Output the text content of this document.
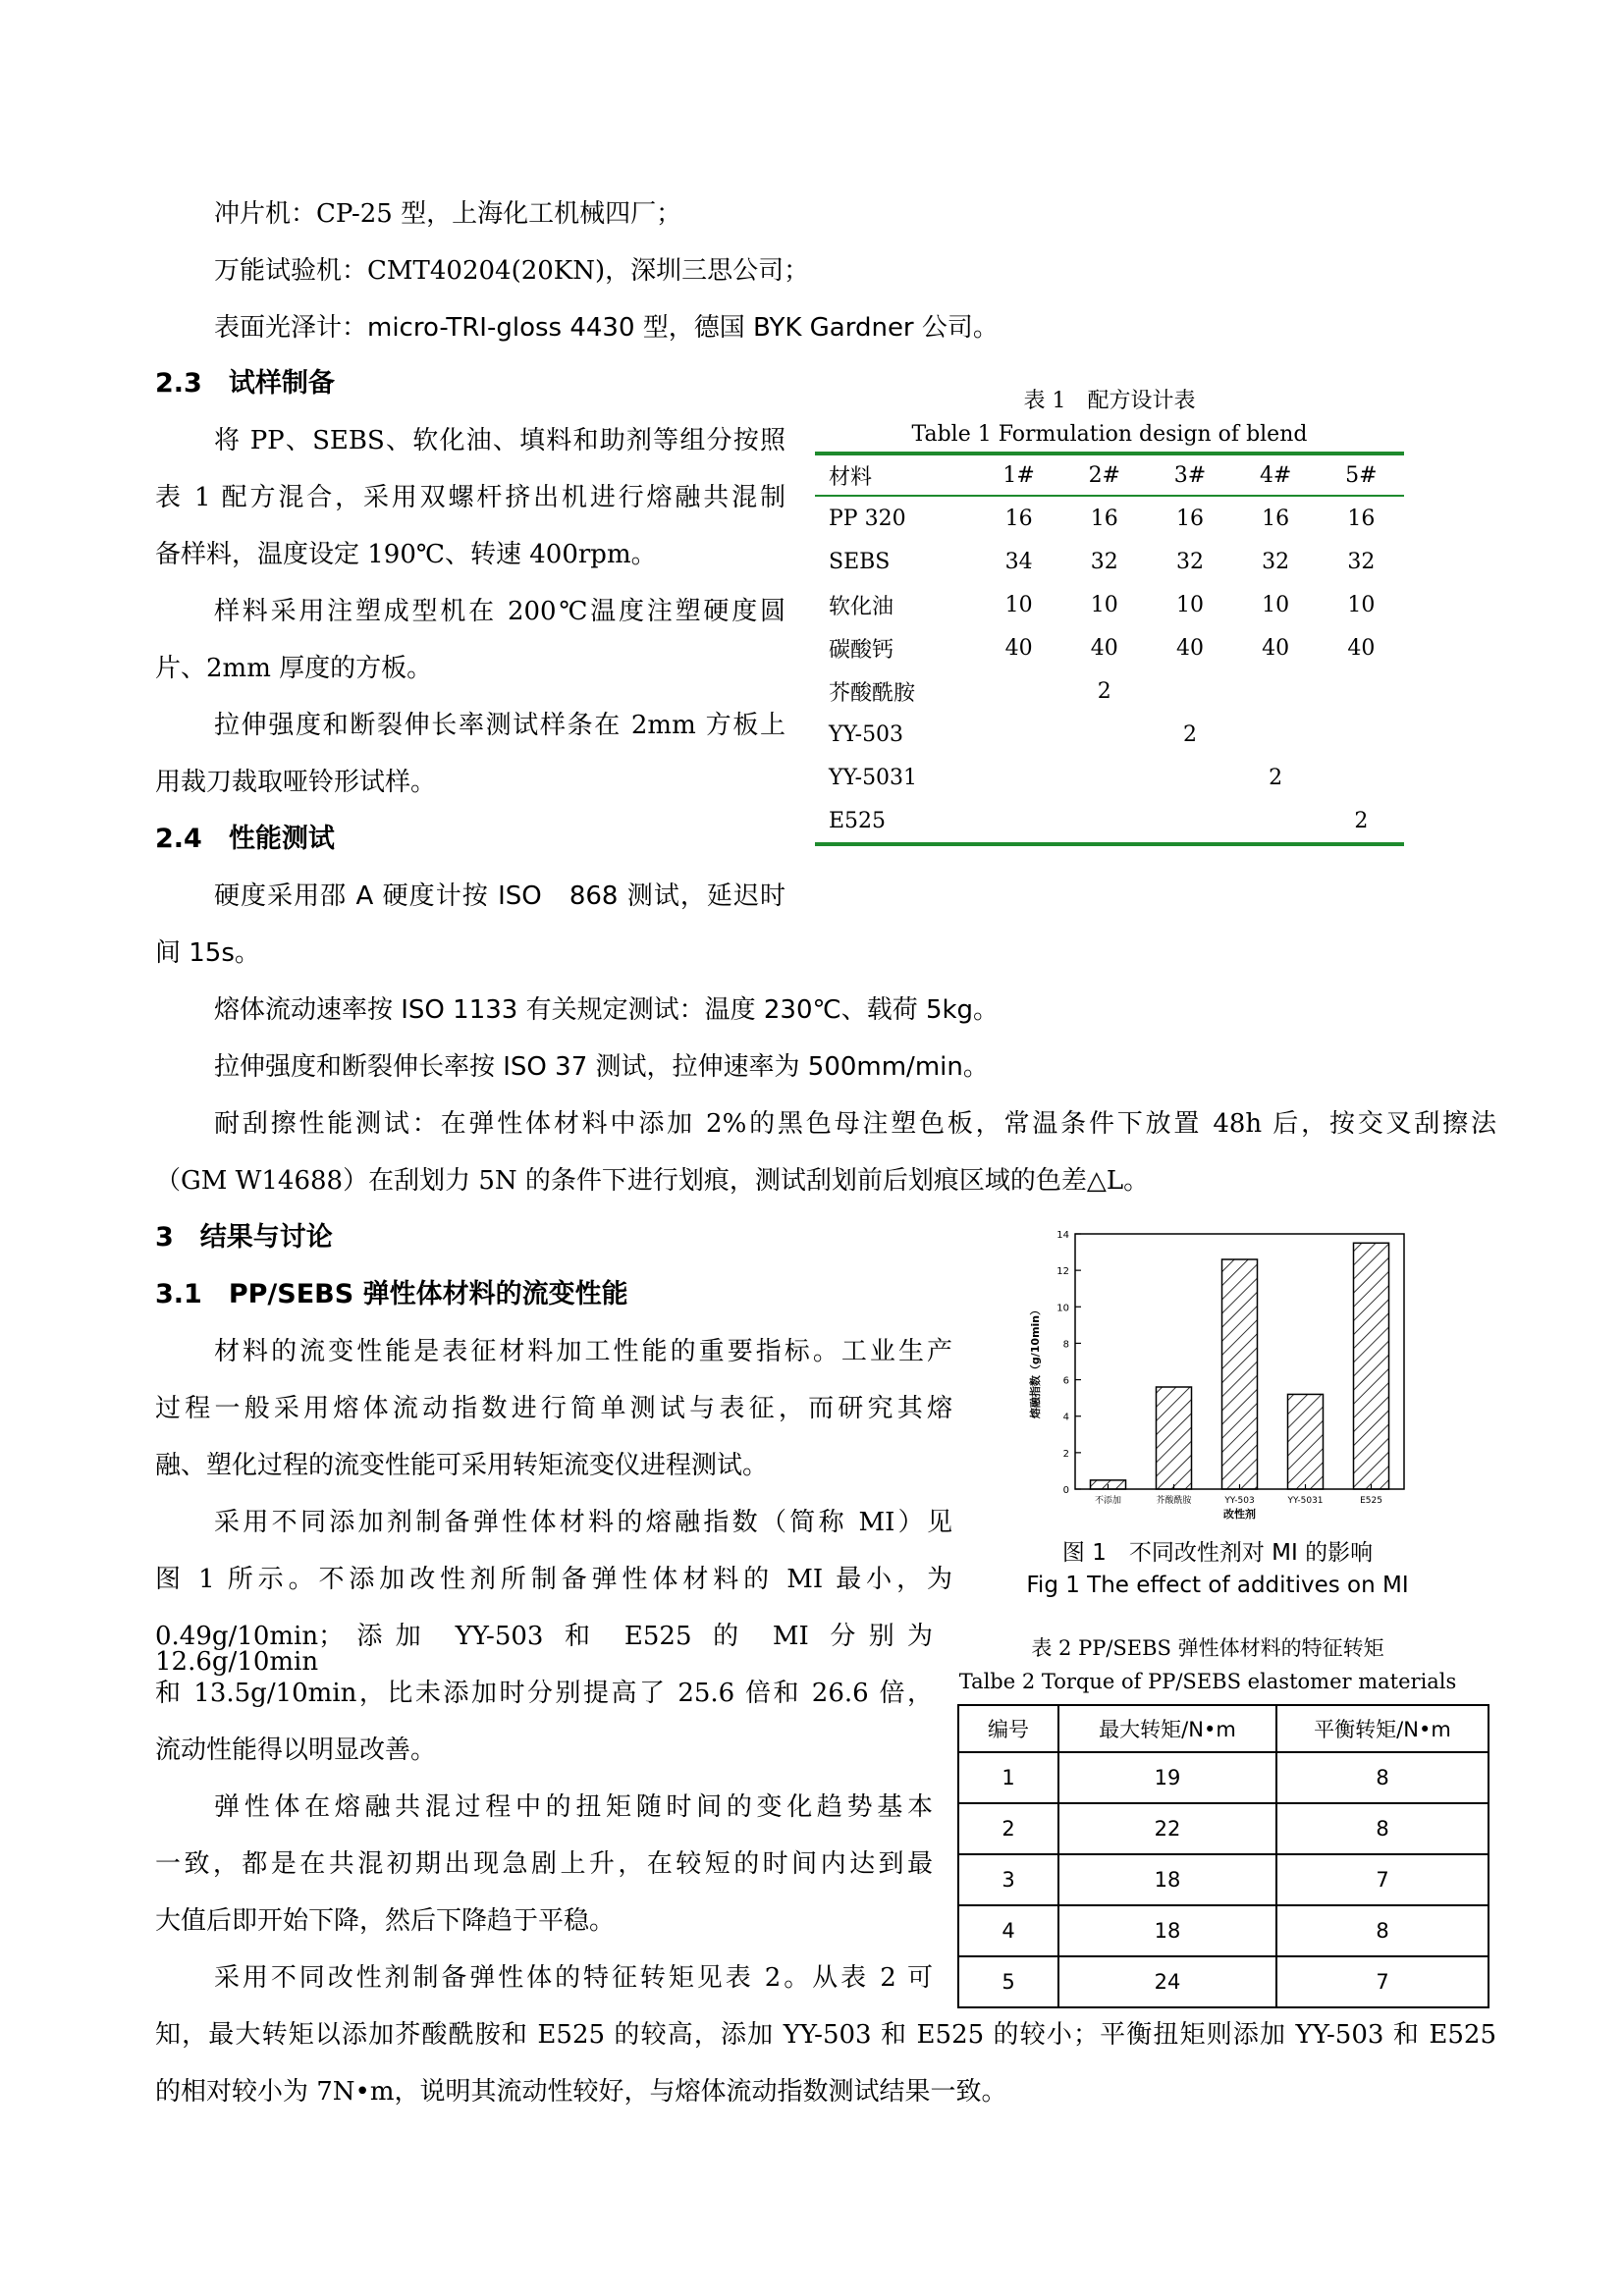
冲片机：CP-25 型，上海化工机械四厂；
万能试验机：CMT40204(20KN)，深圳三思公司；
表面光泽计：micro-TRI-gloss 4430 型，德国 BYK Gardner 公司。
2.3　试样制备
将 PP、SEBS、软化油、填料和助剂等组分按照
表 1 配方混合，采用双螺杆挤出机进行熔融共混制
备样料，温度设定 190℃、转速 400rpm。
样料采用注塑成型机在 200℃温度注塑硬度圆
片、2mm 厚度的方板。
拉伸强度和断裂伸长率测试样条在 2mm 方板上
用裁刀裁取哑铃形试样。
2.4　性能测试
硬度采用邵 A 硬度计按 ISO　868 测试，延迟时
间 15s。
熔体流动速率按 ISO 1133 有关规定测试：温度 230℃、载荷 5kg。
拉伸强度和断裂伸长率按 ISO 37 测试，拉伸速率为 500mm/min。
耐刮擦性能测试：在弹性体材料中添加 2%的黑色母注塑色板，常温条件下放置 48h 后，按交叉刮擦法
（GM W14688）在刮划力 5N 的条件下进行划痕，测试刮划前后划痕区域的色差△L。
3　结果与讨论
3.1　PP/SEBS 弹性体材料的流变性能
材料的流变性能是表征材料加工性能的重要指标。工业生产
过程一般采用熔体流动指数进行简单测试与表征，而研究其熔
融、塑化过程的流变性能可采用转矩流变仪进程测试。
采用不同添加剂制备弹性体材料的熔融指数（简称 MI）见
图 1 所示。不添加改性剂所制备弹性体材料的 MI 最小，为
0.49g/10min；添加 YY-503 和 E525 的 MI 分别为 12.6g/10min
和 13.5g/10min，比未添加时分别提高了 25.6 倍和 26.6 倍，
流动性能得以明显改善。
弹性体在熔融共混过程中的扭矩随时间的变化趋势基本
一致，都是在共混初期出现急剧上升，在较短的时间内达到最
大值后即开始下降，然后下降趋于平稳。
采用不同改性剂制备弹性体的特征转矩见表 2。从表 2 可
知，最大转矩以添加芥酸酰胺和 E525 的较高，添加 YY-503 和 E525 的较小；平衡扭矩则添加 YY-503 和 E525
的相对较小为 7N•m，说明其流动性较好，与熔体流动指数测试结果一致。
表 1　配方设计表
Table 1 Formulation design of blend
材料	1#	2#	3#	4#	5#
PP 320	16	16	16	16	16
SEBS	34	32	32	32	32
软化油	10	10	10	10	10
碳酸钙	40	40	40	40	40
芥酸酰胺		2			
YY-503			2		
YY-5031				2	
E525					2
0
2
4
6
8
10
12
14
不添加	芥酸酰胺	YY-503	YY-5031	E525
改性剂
熔融指数（g/10min）
图 1　不同改性剂对 MI 的影响
Fig 1 The effect of additives on MI
表 2 PP/SEBS 弹性体材料的特征转矩
Talbe 2 Torque of PP/SEBS elastomer materials
编号	最大转矩/N•m	平衡转矩/N•m
1	19	8
2	22	8
3	18	7
4	18	8
5	24	7
